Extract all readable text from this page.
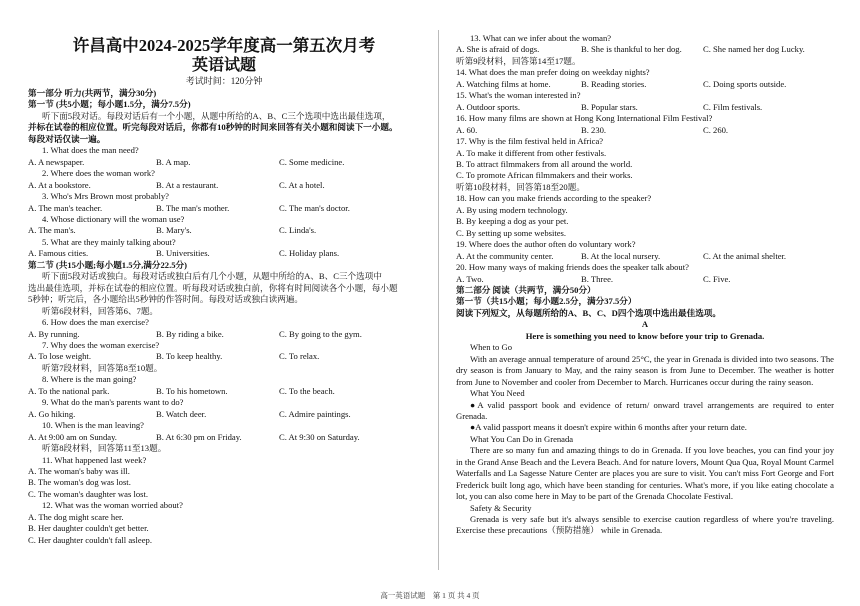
许昌高中2024-2025学年度高一第五次月考
英语试题
考试时间：120分钟
第一部分 听力(共两节，满分30分)
第一节 (共5小题；每小题1.5分，满分7.5分)
听下面5段对话。每段对话后有一个小题，从题中所给的A、B、C三个选项中选出最佳选项，
并标在试卷的相应位置。听完每段对话后，你都有10秒钟的时间来回答有关小题和阅读下一小题。
每段对话仅读一遍。
1. What does the man need?
A. A newspaper.	B. A map.	C. Some medicine.
2. Where does the woman work?
A. At a bookstore.	B. At a restaurant.	C. At a hotel.
3. Who's Mrs Brown most probably?
A. The man's teacher.	B. The man's mother.	C. The man's doctor.
4. Whose dictionary will the woman use?
A. The man's.	B. Mary's.	C. Linda's.
5. What are they mainly talking about?
A. Famous cities.	B. Universities.	C. Holiday plans.
第二节 (共15小题;每小题1.5分,满分22.5分)
听下面5段对话或独白。每段对话或独白后有几个小题，从题中所给的A、B、C三个选项中
选出最佳选项，并标在试卷的相应位置。听每段对话或独白前，你将有时间阅读各个小题，每小题
5秒钟；听完后，各小题给出5秒钟的作答时间。每段对话或独白读两遍。
听第6段材料，回答第6、7题。
6. How does the man exercise?
A. By running.	B. By riding a bike.	C. By going to the gym.
7. Why does the woman exercise?
A. To lose weight.	B. To keep healthy.	C. To relax.
听第7段材料，回答第8至10题。
8. Where is the man going?
A. To the national park.	B. To his hometown.	C. To the beach.
9. What do the man's parents want to do?
A. Go hiking.	B. Watch deer.	C. Admire paintings.
10. When is the man leaving?
A. At 9:00 am on Sunday.	B. At 6:30 pm on Friday.	C. At 9:30 on Saturday.
听第8段材料，回答第11至13题。
11. What happened last week?
A. The woman's baby was ill.
B. The woman's dog was lost.
C. The woman's daughter was lost.
12. What was the woman worried about?
A. The dog might scare her.
B. Her daughter couldn't get better.
C. Her daughter couldn't fall asleep.
13. What can we infer about the woman?
A. She is afraid of dogs.	B. She is thankful to her dog.	C. She named her dog Lucky.
听第9段材料，回答第14至17题。
14. What does the man prefer doing on weekday nights?
A. Watching films at home.	B. Reading stories.	C. Doing sports outside.
15. What's the woman interested in?
A. Outdoor sports.	B. Popular stars.	C. Film festivals.
16. How many films are shown at Hong Kong International Film Festival?
A. 60.	B. 230.	C. 260.
17. Why is the film festival held in Africa?
A. To make it different from other festivals.
B. To attract filmmakers from all around the world.
C. To promote African filmmakers and their works.
听第10段材料，回答第18至20题。
18. How can you make friends according to the speaker?
A. By using modern technology.
B. By keeping a dog as your pet.
C. By setting up some websites.
19. Where does the author often do voluntary work?
A. At the community center.	B. At the local nursery.	C. At the animal shelter.
20. How many ways of making friends does the speaker talk about?
A. Two.	B. Three.	C. Five.
第二部分 阅读（共两节，满分50分）
第一节（共15小题；每小题2.5分，满分37.5分）
阅读下列短文，从每题所给的A、B、C、D四个选项中选出最佳选项。
A
Here is something you need to know before your trip to Grenada.
When to Go
With an average annual temperature of around 25°C, the year in Grenada is divided into two seasons. The dry season is from January to May, and the rainy season is from June to December. The weather is hotter from June to November and cooler from December to March. Hurricanes occur during the rainy season.
What You Need
●A valid passport book and evidence of return/ onward travel arrangements are required to enter Grenada.
●A valid passport means it doesn't expire within 6 months after your return date.
What You Can Do in Grenada
There are so many fun and amazing things to do in Grenada. If you love beaches, you can find your joy in the Grand Anse Beach and the Levera Beach. And for nature lovers, Mount Qua Qua, Royal Mount Carmel Waterfalls and La Sagesse Nature Center are places you are sure to visit. You can't miss Fort George and Fort Frederick built long ago, which have been standing for centuries. What's more, if you like eating chocolate a lot, you can also come here in May to be part of the Grenada Chocolate Festival.
Safety & Security
Grenada is very safe but it's always sensible to exercise caution regardless of where you're traveling. Exercise these precautions（预防措施） while in Grenada.
高一英语试题　第 1 页 共 4 页
